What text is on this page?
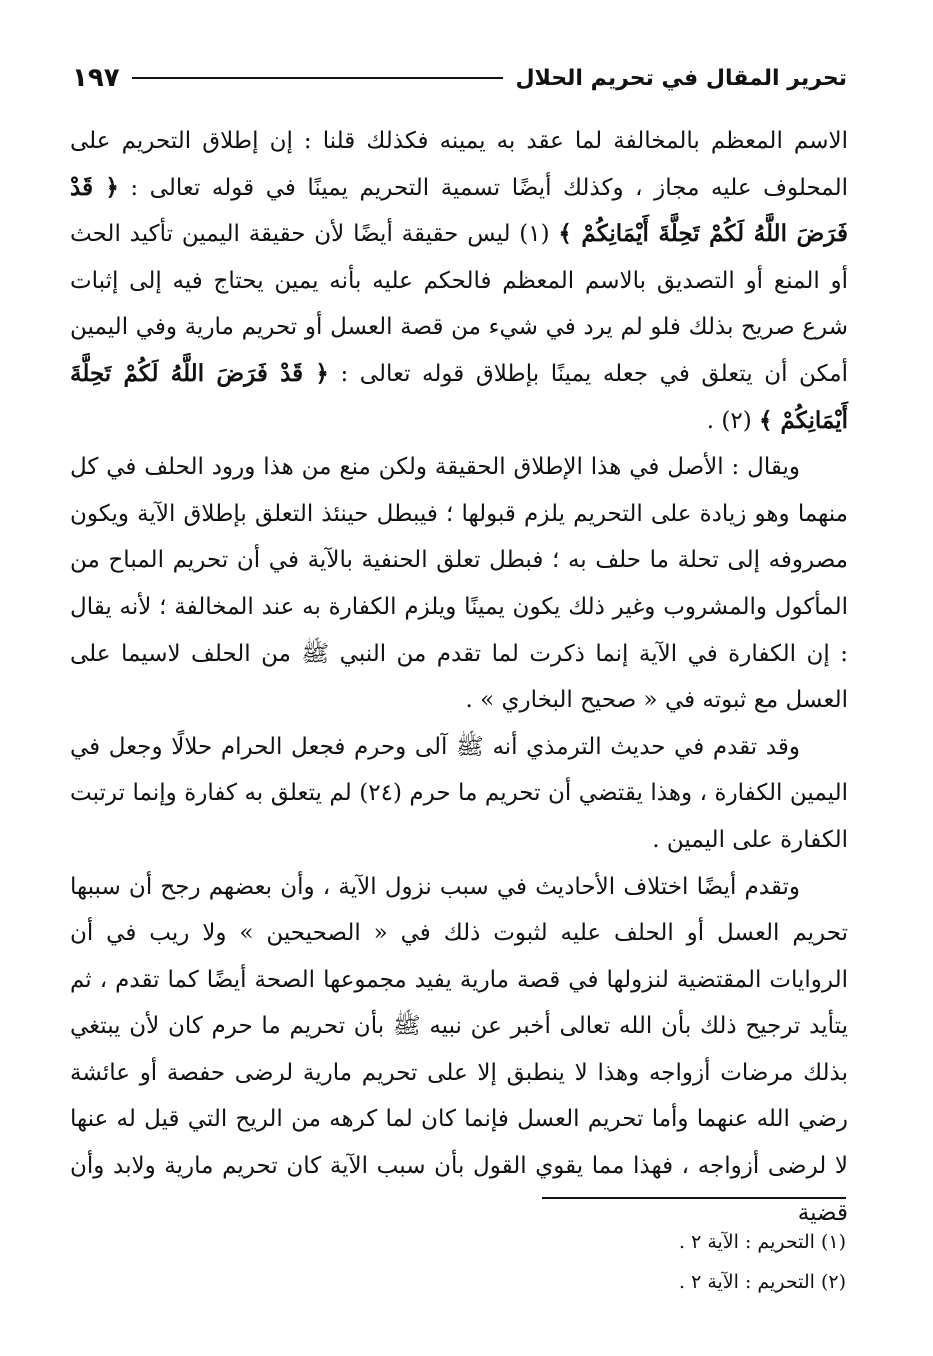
تحرير المقال في تحريم الحلال
١٩٧

الاسم المعظم بالمخالفة لما عقد به يمينه فكذلك قلنا : إن إطلاق التحريم على المحلوف عليه مجاز ، وكذلك أيضًا تسمية التحريم يمينًا في قوله تعالى : ﴿ قَدْ فَرَضَ اللَّهُ لَكُمْ تَحِلَّةَ أَيْمَانِكُمْ ﴾ (١) ليس حقيقة أيضًا لأن حقيقة اليمين تأكيد الحث أو المنع أو التصديق بالاسم المعظم فالحكم عليه بأنه يمين يحتاج فيه إلى إثبات شرع صريح بذلك فلو لم يرد في شيء من قصة العسل أو تحريم مارية وفي اليمين أمكن أن يتعلق في جعله يمينًا بإطلاق قوله تعالى : ﴿ قَدْ فَرَضَ اللَّهُ لَكُمْ تَحِلَّةَ أَيْمَانِكُمْ ﴾ (٢) .

ويقال : الأصل في هذا الإطلاق الحقيقة ولكن منع من هذا ورود الحلف في كل منهما وهو زيادة على التحريم يلزم قبولها ؛ فيبطل حينئذ التعلق بإطلاق الآية ويكون مصروفه إلى تحلة ما حلف به ؛ فبطل تعلق الحنفية بالآية في أن تحريم المباح من المأكول والمشروب وغير ذلك يكون يمينًا ويلزم الكفارة به عند المخالفة ؛ لأنه يقال : إن الكفارة في الآية إنما ذكرت لما تقدم من النبي ﷺ من الحلف لاسيما على العسل مع ثبوته في « صحيح البخاري » .

وقد تقدم في حديث الترمذي أنه ﷺ آلى وحرم فجعل الحرام حلالًا وجعل في اليمين الكفارة ، وهذا يقتضي أن تحريم ما حرم (٢٤) لم يتعلق به كفارة وإنما ترتبت الكفارة على اليمين .

وتقدم أيضًا اختلاف الأحاديث في سبب نزول الآية ، وأن بعضهم رجح أن سببها تحريم العسل أو الحلف عليه لثبوت ذلك في « الصحيحين » ولا ريب في أن الروايات المقتضية لنزولها في قصة مارية يفيد مجموعها الصحة أيضًا كما تقدم ، ثم يتأيد ترجيح ذلك بأن الله تعالى أخبر عن نبيه ﷺ بأن تحريم ما حرم كان لأن يبتغي بذلك مرضات أزواجه وهذا لا ينطبق إلا على تحريم مارية لرضى حفصة أو عائشة رضي الله عنهما وأما تحريم العسل فإنما كان لما كرهه من الريح التي قيل له عنها لا لرضى أزواجه ، فهذا مما يقوي القول بأن سبب الآية كان تحريم مارية ولابد وأن قضية

(١) التحريم : الآية ٢ .
(٢) التحريم : الآية ٢ .
